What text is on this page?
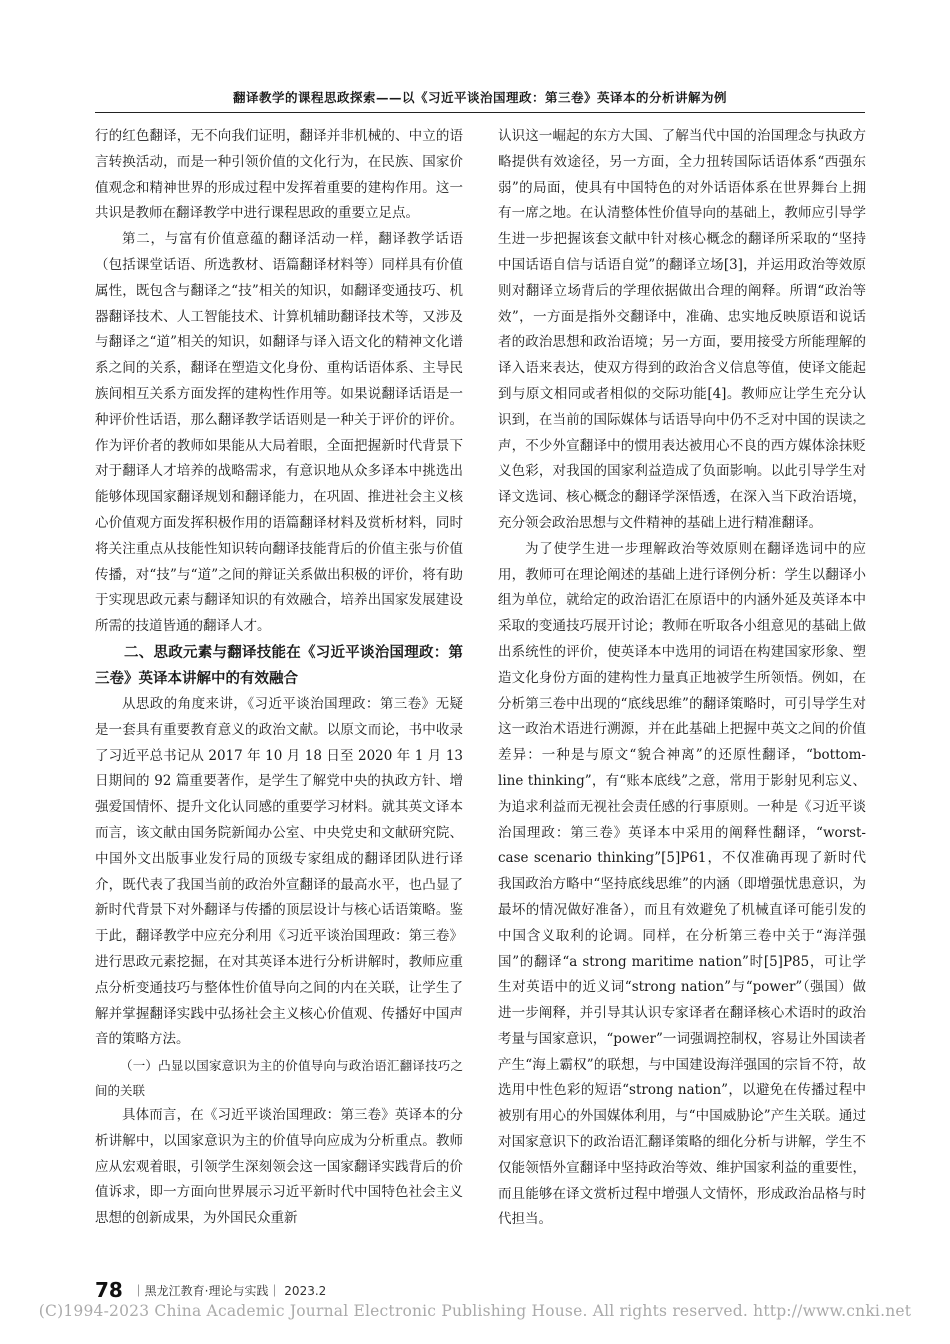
翻译教学的课程思政探索——以《习近平谈治国理政：第三卷》英译本的分析讲解为例

行的红色翻译，无不向我们证明，翻译并非机械的、中立的语言转换活动，而是一种引领价值的文化行为，在民族、国家价值观念和精神世界的形成过程中发挥着重要的建构作用。这一共识是教师在翻译教学中进行课程思政的重要立足点。

第二，与富有价值意蕴的翻译活动一样，翻译教学话语（包括课堂话语、所选教材、语篇翻译材料等）同样具有价值属性，既包含与翻译之“技”相关的知识，如翻译变通技巧、机器翻译技术、人工智能技术、计算机辅助翻译技术等，又涉及与翻译之“道”相关的知识，如翻译与译入语文化的精神文化谱系之间的关系，翻译在塑造文化身份、重构话语体系、主导民族间相互关系方面发挥的建构性作用等。如果说翻译话语是一种评价性话语，那么翻译教学话语则是一种关于评价的评价。作为评价者的教师如果能从大局着眼，全面把握新时代背景下对于翻译人才培养的战略需求，有意识地从众多译本中挑选出能够体现国家翻译规划和翻译能力，在巩固、推进社会主义核心价值观方面发挥积极作用的语篇翻译材料及赏析材料，同时将关注重点从技能性知识转向翻译技能背后的价值主张与价值传播，对“技”与“道”之间的辩证关系做出积极的评价，将有助于实现思政元素与翻译知识的有效融合，培养出国家发展建设所需的技道皆通的翻译人才。

二、思政元素与翻译技能在《习近平谈治国理政：第三卷》英译本讲解中的有效融合

从思政的角度来讲，《习近平谈治国理政：第三卷》无疑是一套具有重要教育意义的政治文献。以原文而论，书中收录了习近平总书记从 2017 年 10 月 18 日至 2020 年 1 月 13 日期间的 92 篇重要著作，是学生了解党中央的执政方针、增强爱国情怀、提升文化认同感的重要学习材料。就其英文译本而言，该文献由国务院新闻办公室、中央党史和文献研究院、中国外文出版事业发行局的顶级专家组成的翻译团队进行译介，既代表了我国当前的政治外宣翻译的最高水平，也凸显了新时代背景下对外翻译与传播的顶层设计与核心话语策略。鉴于此，翻译教学中应充分利用《习近平谈治国理政：第三卷》进行思政元素挖掘，在对其英译本进行分析讲解时，教师应重点分析变通技巧与整体性价值导向之间的内在关联，让学生了解并掌握翻译实践中弘扬社会主义核心价值观、传播好中国声音的策略方法。

（一）凸显以国家意识为主的价值导向与政治语汇翻译技巧之间的关联

具体而言，在《习近平谈治国理政：第三卷》英译本的分析讲解中，以国家意识为主的价值导向应成为分析重点。教师应从宏观着眼，引领学生深刻领会这一国家翻译实践背后的价值诉求，即一方面向世界展示习近平新时代中国特色社会主义思想的创新成果，为外国民众重新

认识这一崛起的东方大国、了解当代中国的治国理念与执政方略提供有效途径，另一方面，全力扭转国际话语体系“西强东弱”的局面，使具有中国特色的对外话语体系在世界舞台上拥有一席之地。在认清整体性价值导向的基础上，教师应引导学生进一步把握该套文献中针对核心概念的翻译所采取的“坚持中国话语自信与话语自觉”的翻译立场[3]，并运用政治等效原则对翻译立场背后的学理依据做出合理的阐释。所谓“政治等效”，一方面是指外交翻译中，准确、忠实地反映原语和说话者的政治思想和政治语境；另一方面，要用接受方所能理解的译入语来表达，使双方得到的政治含义信息等值，使译文能起到与原文相同或者相似的交际功能[4]。教师应让学生充分认识到，在当前的国际媒体与话语导向中仍不乏对中国的误读之声，不少外宣翻译中的惯用表达被用心不良的西方媒体涂抹贬义色彩，对我国的国家利益造成了负面影响。以此引导学生对译文选词、核心概念的翻译学深悟透，在深入当下政治语境，充分领会政治思想与文件精神的基础上进行精准翻译。

为了使学生进一步理解政治等效原则在翻译选词中的应用，教师可在理论阐述的基础上进行译例分析：学生以翻译小组为单位，就给定的政治语汇在原语中的内涵外延及英译本中采取的变通技巧展开讨论；教师在听取各小组意见的基础上做出系统性的评价，使英译本中选用的词语在构建国家形象、塑造文化身份方面的建构性力量真正地被学生所领悟。例如，在分析第三卷中出现的“底线思维”的翻译策略时，可引导学生对这一政治术语进行溯源，并在此基础上把握中英文之间的价值差异：一种是与原文“貌合神离”的还原性翻译，“bottom-line thinking”，有“账本底线”之意，常用于影射见利忘义、为追求利益而无视社会责任感的行事原则。一种是《习近平谈治国理政：第三卷》英译本中采用的阐释性翻译，“worst-case scenario thinking”[5]P61，不仅准确再现了新时代我国政治方略中“坚持底线思维”的内涵（即增强忧患意识，为最坏的情况做好准备），而且有效避免了机械直译可能引发的中国含义取利的论调。同样，在分析第三卷中关于“海洋强国”的翻译“a strong maritime nation”时[5]P85，可让学生对英语中的近义词“strong nation”与“power”（强国）做进一步阐释，并引导其认识专家译者在翻译核心术语时的政治考量与国家意识，“power”一词强调控制权，容易让外国读者产生“海上霸权”的联想，与中国建设海洋强国的宗旨不符，故选用中性色彩的短语“strong nation”，以避免在传播过程中被别有用心的外国媒体利用，与“中国威胁论”产生关联。通过对国家意识下的政治语汇翻译策略的细化分析与讲解，学生不仅能领悟外宣翻译中坚持政治等效、维护国家利益的重要性，而且能够在译文赏析过程中增强人文情怀，形成政治品格与时代担当。

78 ｜黑龙江教育·理论与实践｜ 2023.2
(C)1994-2023 China Academic Journal Electronic Publishing House. All rights reserved. http://www.cnki.net
